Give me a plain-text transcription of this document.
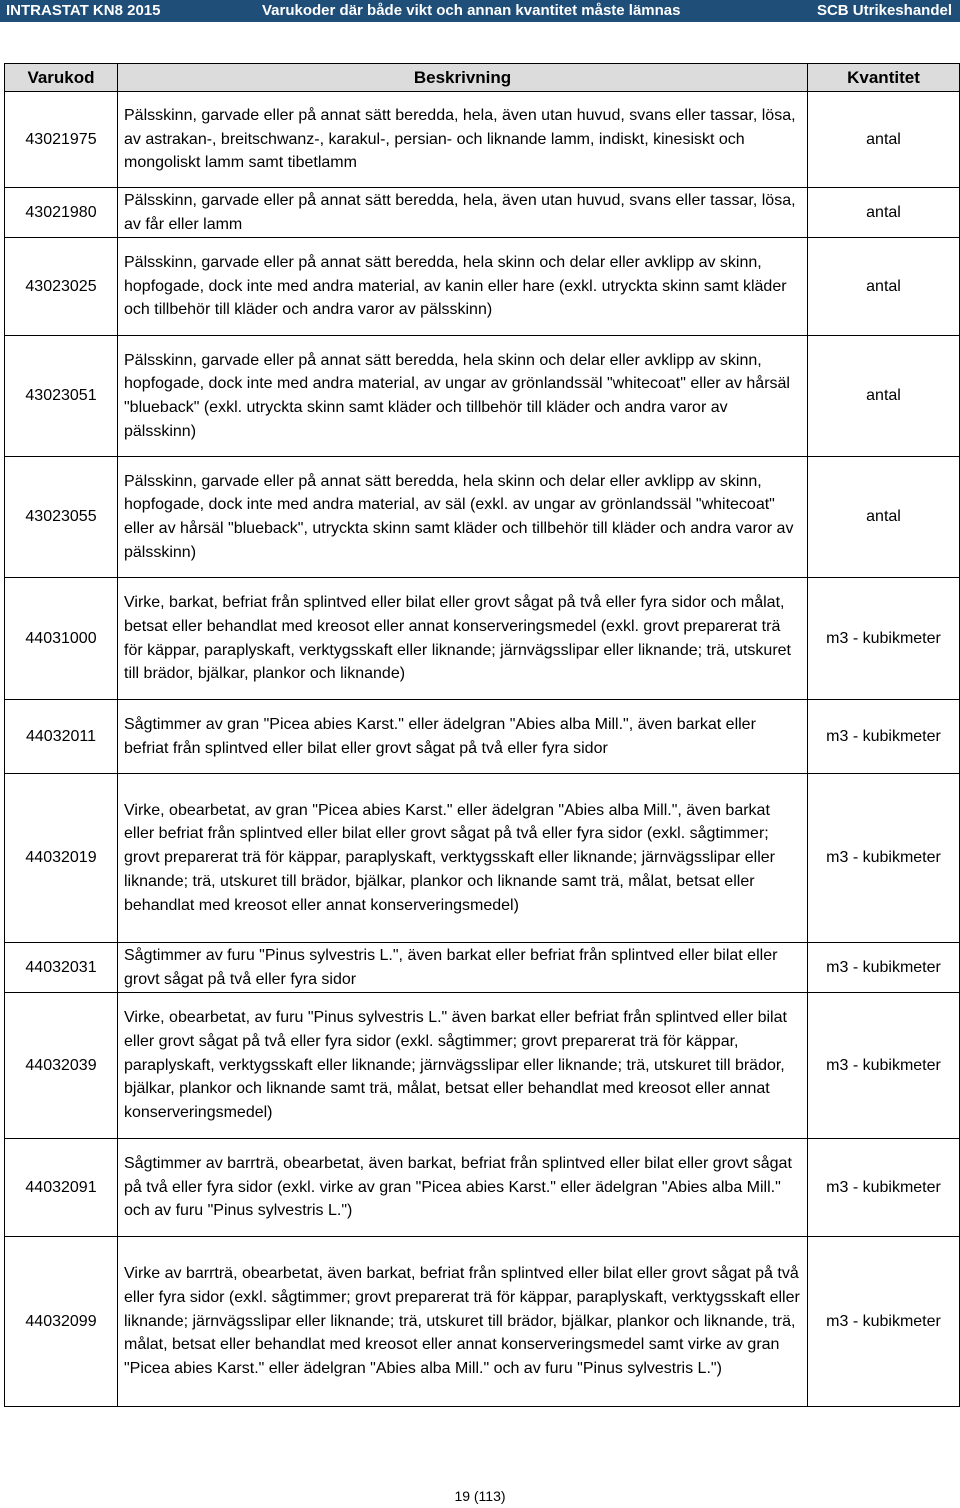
INTRASTAT KN8 2015	Varukoder där både vikt och annan kvantitet måste lämnas	SCB Utrikeshandel
Varukod	Beskrivning	Kvantitet
43021975	Pälsskinn, garvade eller på annat sätt beredda, hela, även utan huvud, svans eller tassar, lösa, av astrakan-, breitschwanz-, karakul-, persian- och liknande lamm, indiskt, kinesiskt och mongoliskt lamm samt tibetlamm	antal
43021980	Pälsskinn, garvade eller på annat sätt beredda, hela, även utan huvud, svans eller tassar, lösa, av får eller lamm	antal
43023025	Pälsskinn, garvade eller på annat sätt beredda, hela skinn och delar eller avklipp av skinn, hopfogade, dock inte med andra material, av kanin eller hare (exkl. utryckta skinn samt kläder och tillbehör till kläder och andra varor av pälsskinn)	antal
43023051	Pälsskinn, garvade eller på annat sätt beredda, hela skinn och delar eller avklipp av skinn, hopfogade, dock inte med andra material, av ungar av grönlandssäl "whitecoat" eller av hårsäl "blueback" (exkl. utryckta skinn samt kläder och tillbehör till kläder och andra varor av pälsskinn)	antal
43023055	Pälsskinn, garvade eller på annat sätt beredda, hela skinn och delar eller avklipp av skinn, hopfogade, dock inte med andra material, av säl (exkl. av ungar av grönlandssäl "whitecoat" eller av hårsäl "blueback", utryckta skinn samt kläder och tillbehör till kläder och andra varor av pälsskinn)	antal
44031000	Virke, barkat, befriat från splintved eller bilat eller grovt sågat på två eller fyra sidor och målat, betsat eller behandlat med kreosot eller annat konserveringsmedel (exkl. grovt preparerat trä för käppar, paraplyskaft, verktygsskaft eller liknande; järnvägsslipar eller liknande; trä, utskuret till brädor, bjälkar, plankor och liknande)	m3 - kubikmeter
44032011	Sågtimmer av gran "Picea abies Karst." eller ädelgran "Abies alba Mill.", även barkat eller befriat från splintved eller bilat eller grovt sågat på två eller fyra sidor	m3 - kubikmeter
44032019	Virke, obearbetat, av gran "Picea abies Karst." eller ädelgran "Abies alba Mill.", även barkat eller befriat från splintved eller bilat eller grovt sågat på två eller fyra sidor (exkl. sågtimmer; grovt preparerat trä för käppar, paraplyskaft, verktygsskaft eller liknande; järnvägsslipar eller liknande; trä, utskuret till brädor, bjälkar, plankor och liknande samt trä, målat, betsat eller behandlat med kreosot eller annat konserveringsmedel)	m3 - kubikmeter
44032031	Sågtimmer av furu "Pinus sylvestris L.", även barkat eller befriat från splintved eller bilat eller grovt sågat på två eller fyra sidor	m3 - kubikmeter
44032039	Virke, obearbetat, av furu "Pinus sylvestris L." även barkat eller befriat från splintved eller bilat eller grovt sågat på två eller fyra sidor (exkl. sågtimmer; grovt preparerat trä för käppar, paraplyskaft, verktygsskaft eller liknande; järnvägsslipar eller liknande; trä, utskuret till brädor, bjälkar, plankor och liknande samt trä, målat, betsat eller behandlat med kreosot eller annat konserveringsmedel)	m3 - kubikmeter
44032091	Sågtimmer av barrträ, obearbetat, även barkat, befriat från splintved eller bilat eller grovt sågat på två eller fyra sidor (exkl. virke av gran "Picea abies Karst." eller ädelgran "Abies alba Mill." och av furu "Pinus sylvestris L.")	m3 - kubikmeter
44032099	Virke av barrträ, obearbetat, även barkat, befriat från splintved eller bilat eller grovt sågat på två eller fyra sidor (exkl. sågtimmer; grovt preparerat trä för käppar, paraplyskaft, verktygsskaft eller liknande; järnvägsslipar eller liknande; trä, utskuret till brädor, bjälkar, plankor och liknande, trä, målat, betsat eller behandlat med kreosot eller annat konserveringsmedel samt virke av gran "Picea abies Karst." eller ädelgran "Abies alba Mill." och av furu "Pinus sylvestris L.")	m3 - kubikmeter
19 (113)
